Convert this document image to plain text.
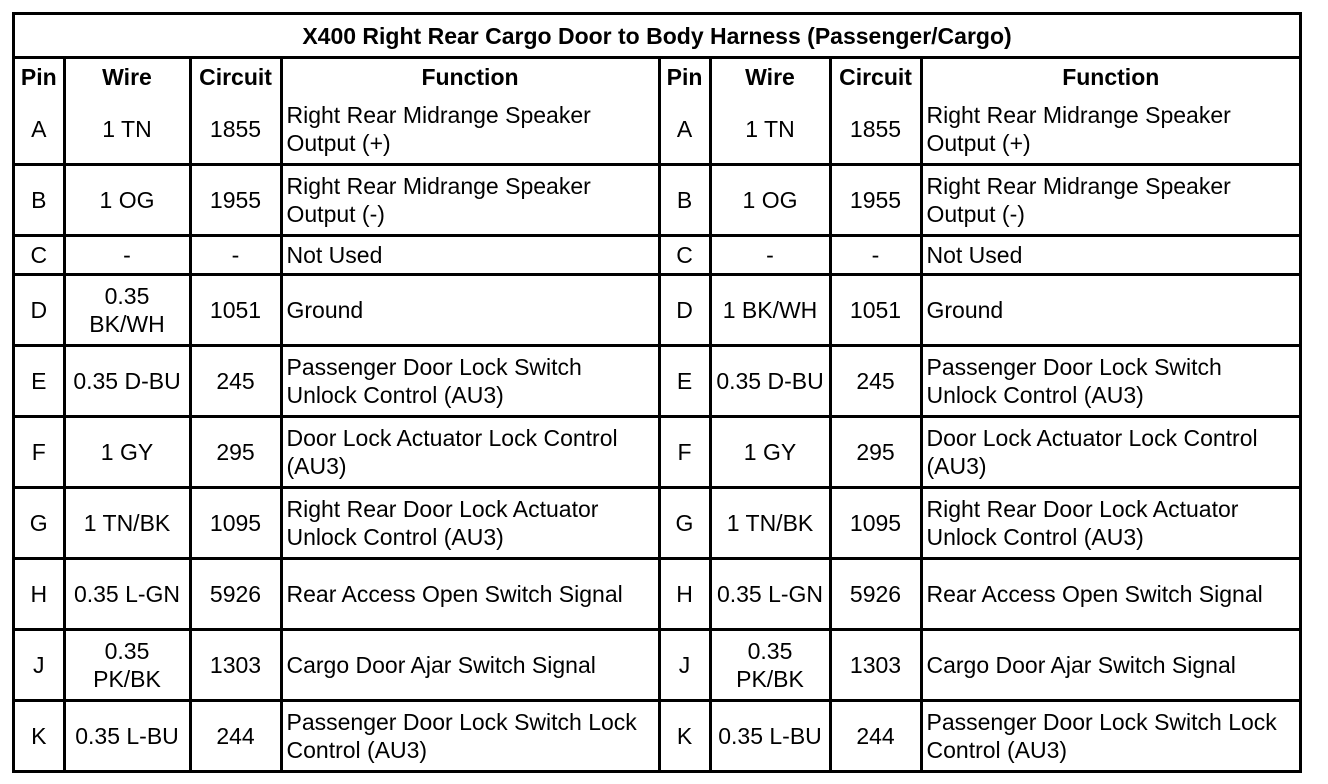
X400 Right Rear Cargo Door to Body Harness (Passenger/Cargo)							
Pin	Wire	Circuit	Function	Pin	Wire	Circuit	Function
A	1 TN	1855	Right Rear Midrange Speaker Output (+)	A	1 TN	1855	Right Rear Midrange Speaker Output (+)
B	1 OG	1955	Right Rear Midrange Speaker Output (-)	B	1 OG	1955	Right Rear Midrange Speaker Output (-)
C	-	-	Not Used	C	-	-	Not Used
D	0.35 BK/WH	1051	Ground	D	1 BK/WH	1051	Ground
E	0.35 D-BU	245	Passenger Door Lock Switch Unlock Control (AU3)	E	0.35 D-BU	245	Passenger Door Lock Switch Unlock Control (AU3)
F	1 GY	295	Door Lock Actuator Lock Control (AU3)	F	1 GY	295	Door Lock Actuator Lock Control (AU3)
G	1 TN/BK	1095	Right Rear Door Lock Actuator Unlock Control (AU3)	G	1 TN/BK	1095	Right Rear Door Lock Actuator Unlock Control (AU3)
H	0.35 L-GN	5926	Rear Access Open Switch Signal	H	0.35 L-GN	5926	Rear Access Open Switch Signal
J	0.35 PK/BK	1303	Cargo Door Ajar Switch Signal	J	0.35 PK/BK	1303	Cargo Door Ajar Switch Signal
K	0.35 L-BU	244	Passenger Door Lock Switch Lock Control (AU3)	K	0.35 L-BU	244	Passenger Door Lock Switch Lock Control (AU3)
